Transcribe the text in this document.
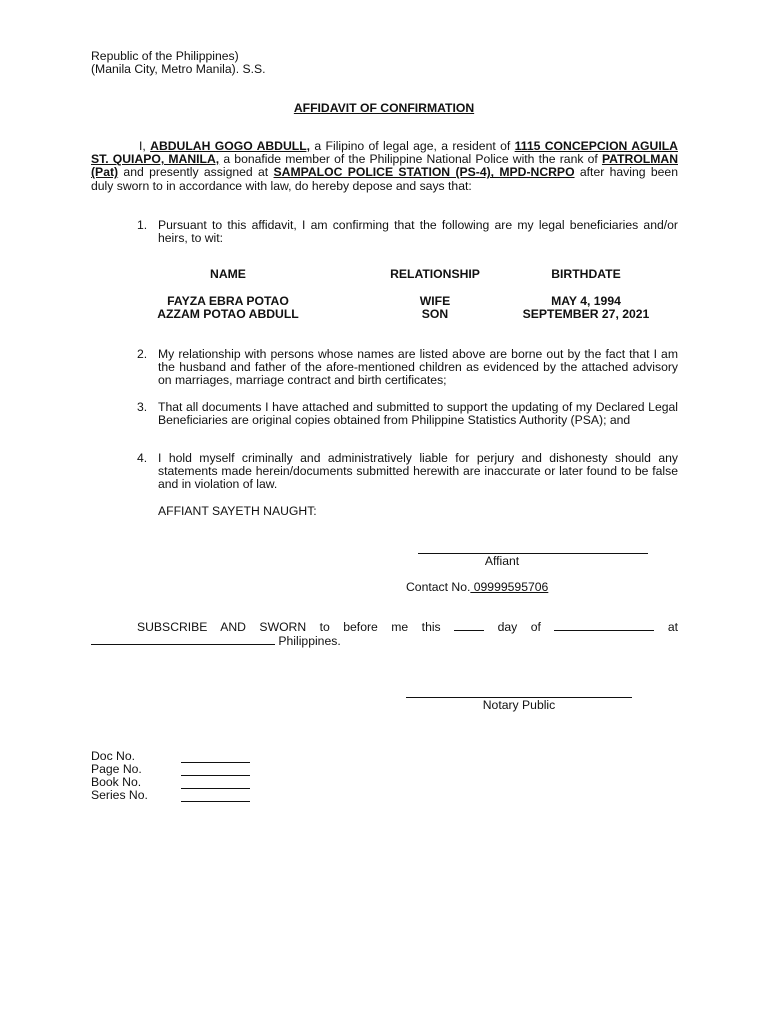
Republic of the Philippines)
(Manila City, Metro Manila). S.S.
AFFIDAVIT OF CONFIRMATION
I, ABDULAH GOGO ABDULL, a Filipino of legal age, a resident of 1115 CONCEPCION AGUILA ST. QUIAPO, MANILA, a bonafide member of the Philippine National Police with the rank of PATROLMAN (Pat) and presently assigned at SAMPALOC POLICE STATION (PS-4), MPD-NCRPO after having been duly sworn to in accordance with law, do hereby depose and says that:
1. Pursuant to this affidavit, I am confirming that the following are my legal beneficiaries and/or heirs, to wit:
NAME	RELATIONSHIP	BIRTHDATE
FAYZA EBRA POTAO	WIFE	MAY 4, 1994
AZZAM POTAO ABDULL	SON	SEPTEMBER 27, 2021
2. My relationship with persons whose names are listed above are borne out by the fact that I am the husband and father of the afore-mentioned children as evidenced by the attached advisory on marriages, marriage contract and birth certificates;
3. That all documents I have attached and submitted to support the updating of my Declared Legal Beneficiaries are original copies obtained from Philippine Statistics Authority (PSA); and
4. I hold myself criminally and administratively liable for perjury and dishonesty should any statements made herein/documents submitted herewith are inaccurate or later found to be false and in violation of law.
AFFIANT SAYETH NAUGHT:
Affiant
Contact No. 09999595706
SUBSCRIBE AND SWORN to before me this  day of	at  Philippines.
Notary Public
Doc No.
Page No.
Book No.
Series No.
